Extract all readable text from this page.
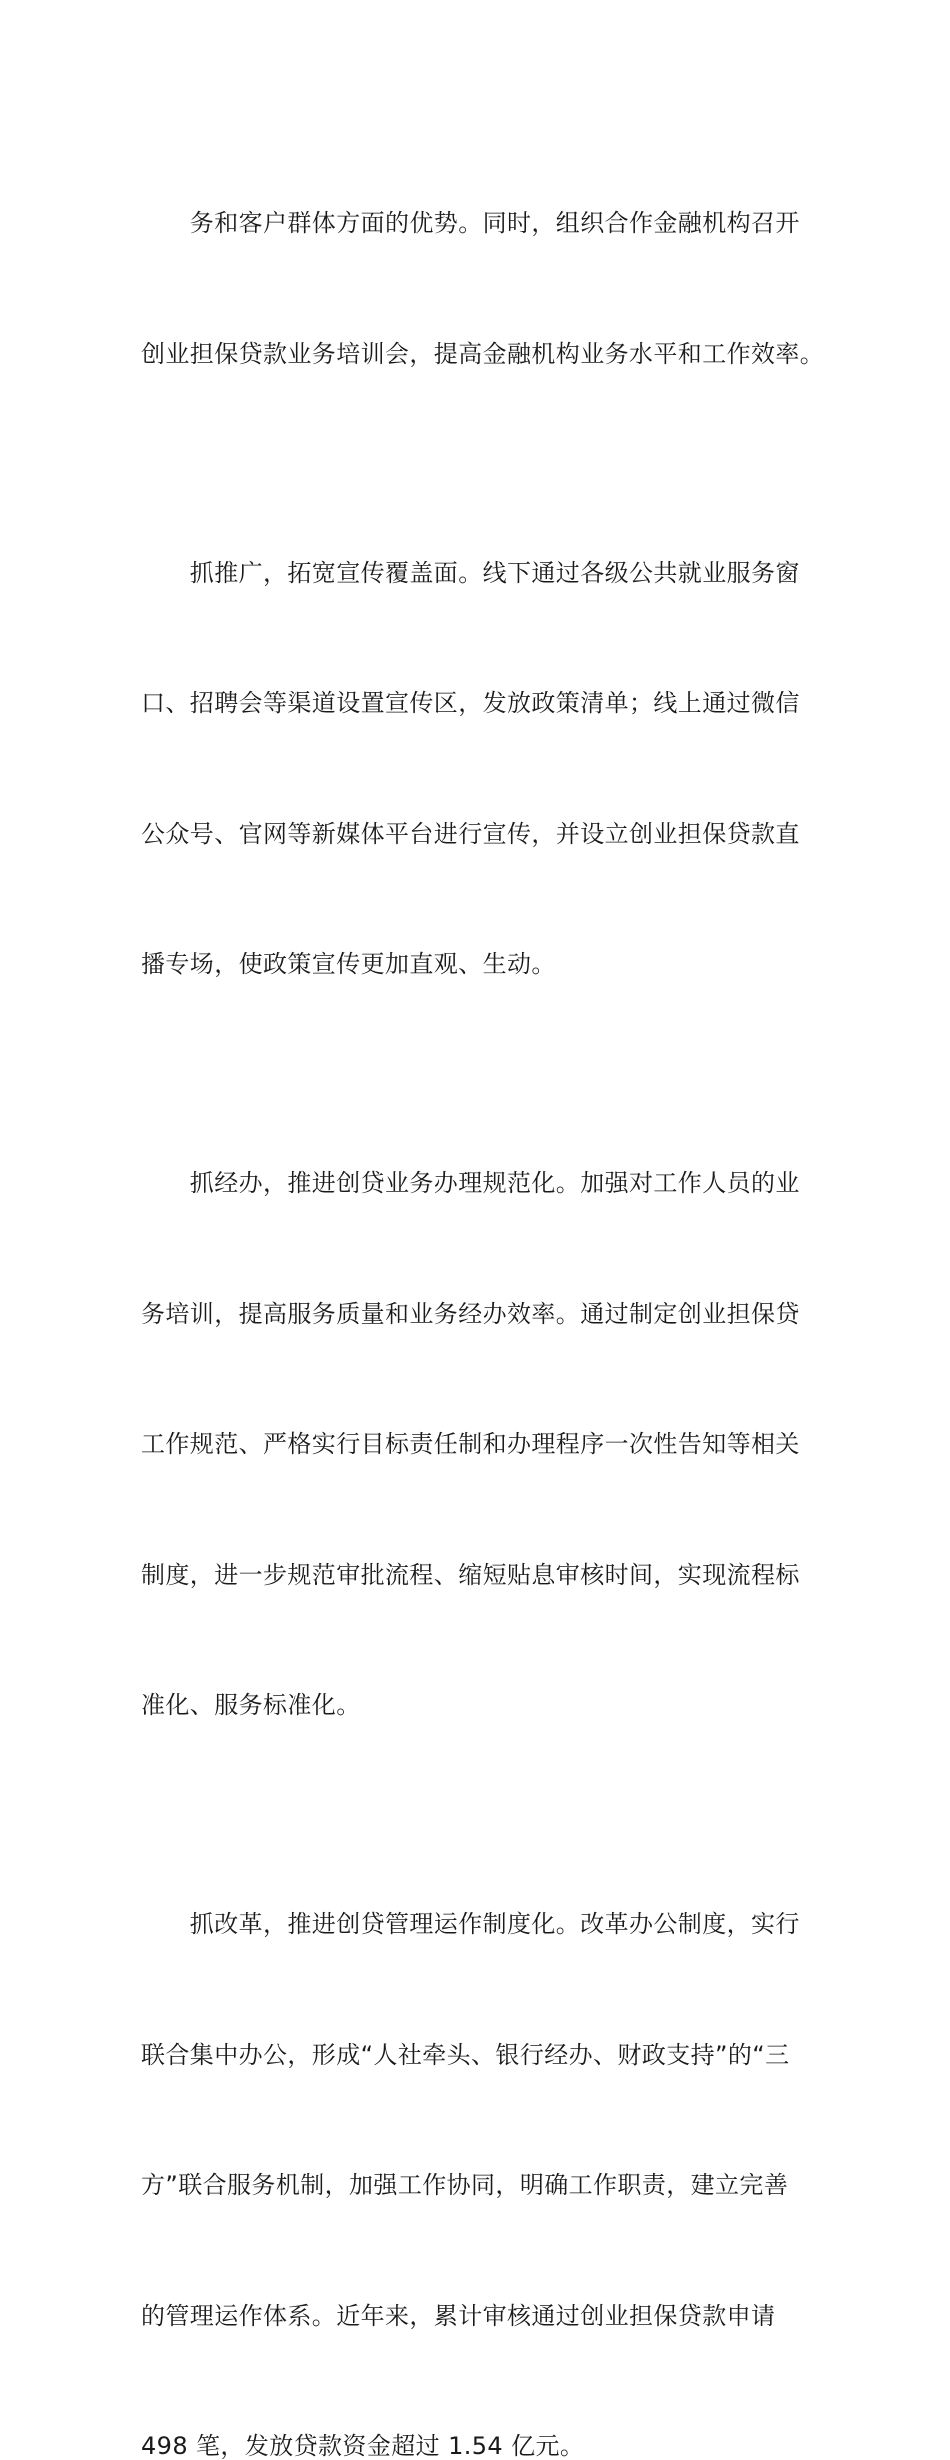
　　务和客户群体方面的优势。同时，组织合作金融机构召开

创业担保贷款业务培训会，提高金融机构业务水平和工作效率。

　　抓推广，拓宽宣传覆盖面。线下通过各级公共就业服务窗

口、招聘会等渠道设置宣传区，发放政策清单；线上通过微信

公众号、官网等新媒体平台进行宣传，并设立创业担保贷款直

播专场，使政策宣传更加直观、生动。

　　抓经办，推进创贷业务办理规范化。加强对工作人员的业

务培训，提高服务质量和业务经办效率。通过制定创业担保贷

工作规范、严格实行目标责任制和办理程序一次性告知等相关

制度，进一步规范审批流程、缩短贴息审核时间，实现流程标

准化、服务标准化。

　　抓改革，推进创贷管理运作制度化。改革办公制度，实行

联合集中办公，形成“人社牵头、银行经办、财政支持”的“三

方”联合服务机制，加强工作协同，明确工作职责，建立完善

的管理运作体系。近年来，累计审核通过创业担保贷款申请

498 笔，发放贷款资金超过 1.54 亿元。
